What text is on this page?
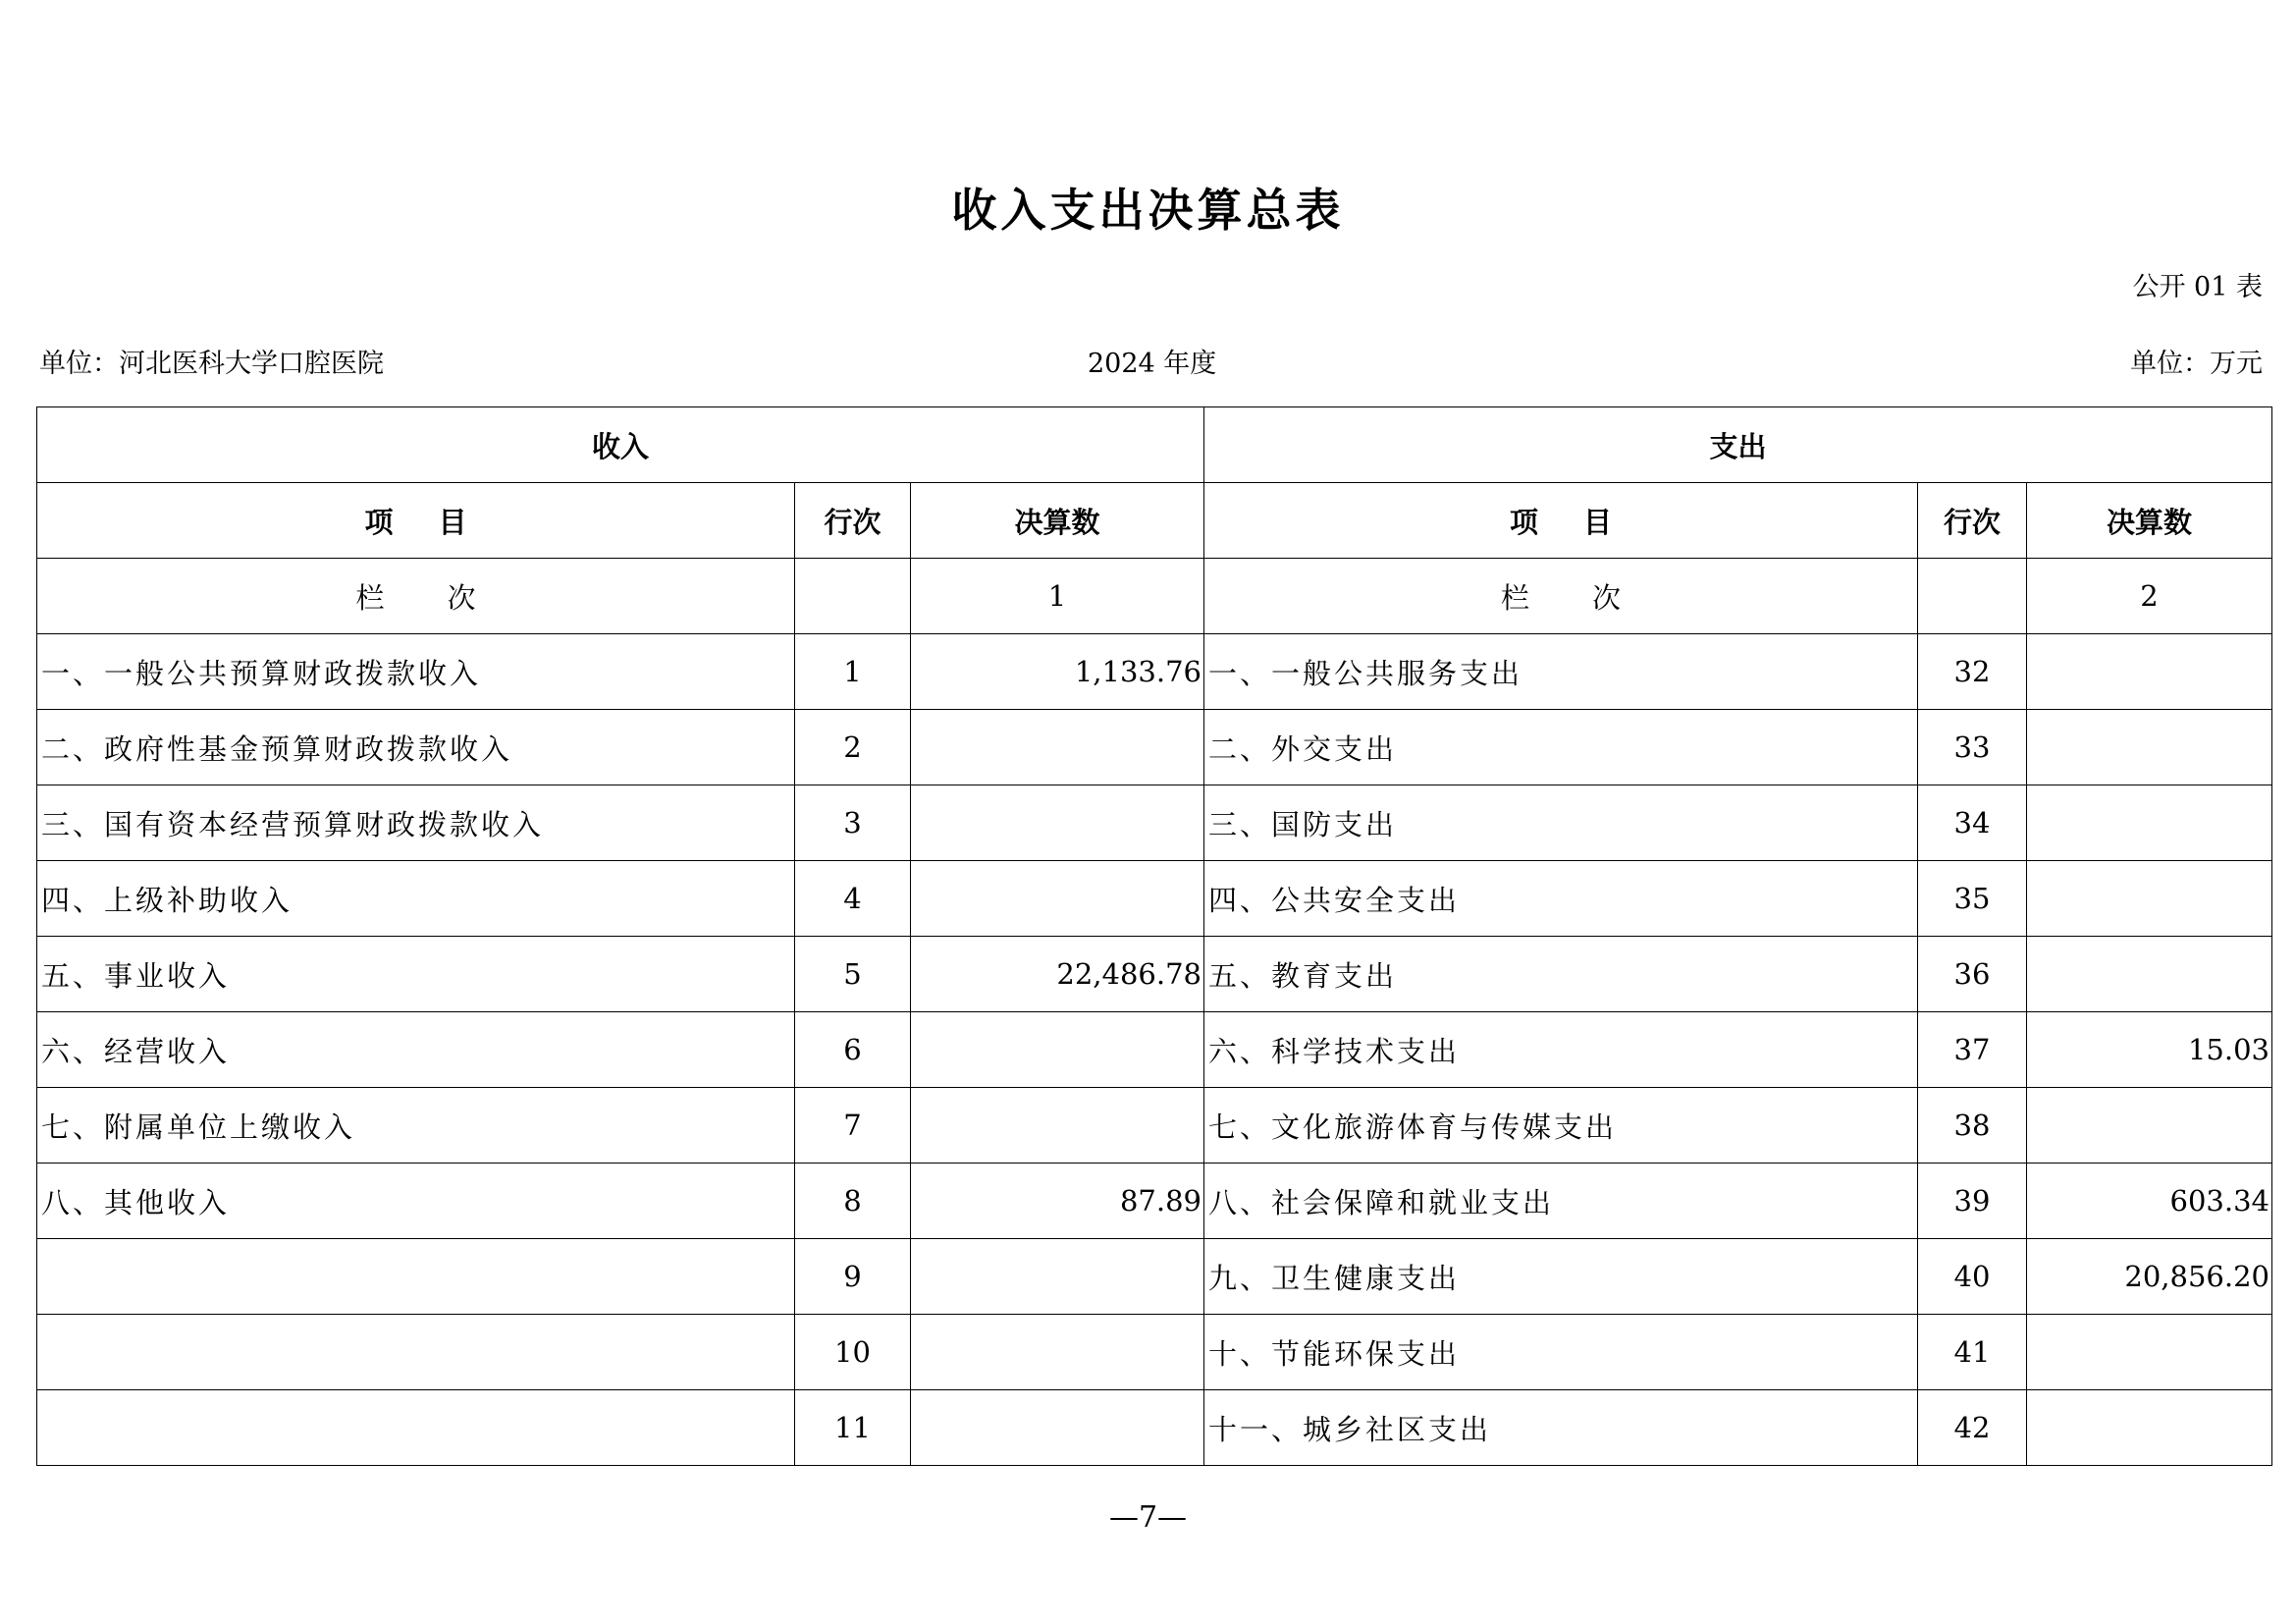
收入支出决算总表
公开 01 表
单位：河北医科大学口腔医院	2024 年度	单位：万元
收入			支出		
项目	行次	决算数	项目	行次	决算数
栏次		1	栏次		2
一、一般公共预算财政拨款收入	1	1,133.76	一、一般公共服务支出	32	
二、政府性基金预算财政拨款收入	2		二、外交支出	33	
三、国有资本经营预算财政拨款收入	3		三、国防支出	34	
四、上级补助收入	4		四、公共安全支出	35	
五、事业收入	5	22,486.78	五、教育支出	36	
六、经营收入	6		六、科学技术支出	37	15.03
七、附属单位上缴收入	7		七、文化旅游体育与传媒支出	38	
八、其他收入	8	87.89	八、社会保障和就业支出	39	603.34
	9		九、卫生健康支出	40	20,856.20
	10		十、节能环保支出	41	
	11		十一、城乡社区支出	42	
—7—
